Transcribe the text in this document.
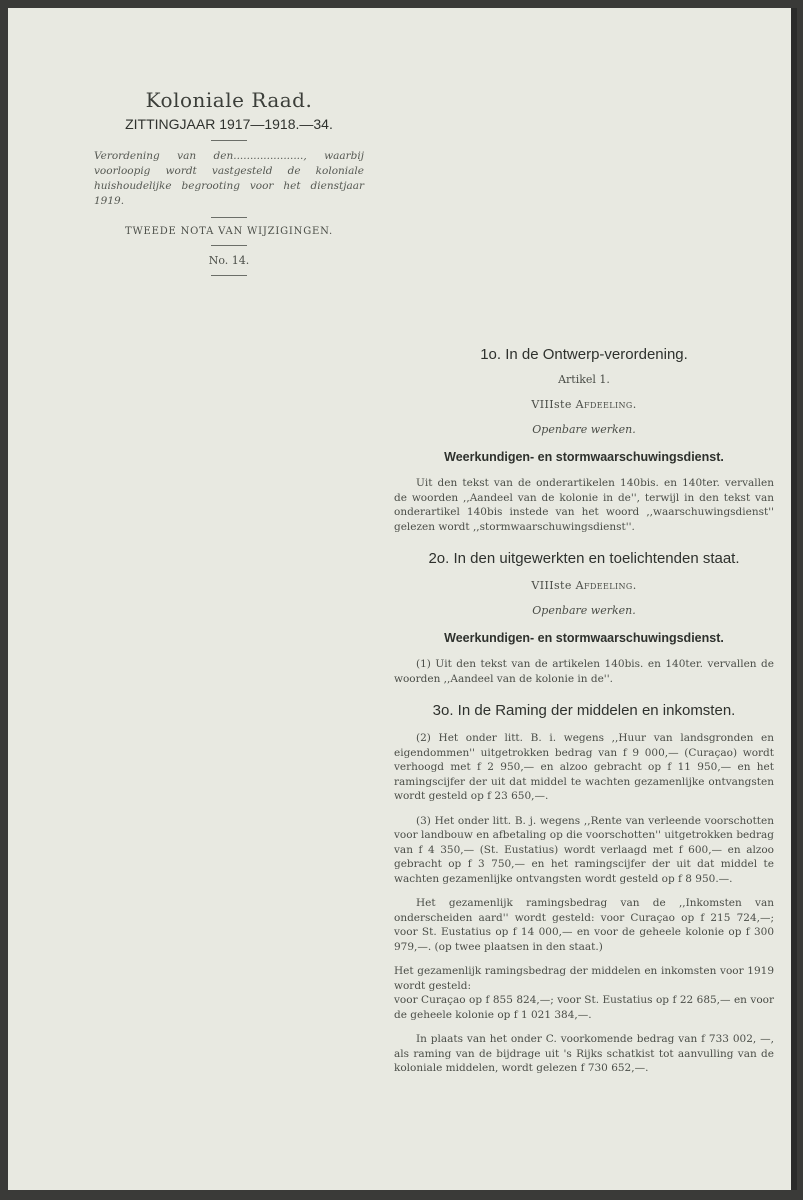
Koloniale Raad.

ZITTINGJAAR 1917—1918.—34.

Verordening van den....................., waarbij voorloopig wordt vastgesteld de koloniale huishoudelijke begrooting voor het dienstjaar 1919.

TWEEDE NOTA VAN WIJZIGINGEN.

No. 14.

1o. In de Ontwerp-verordening.

Artikel 1.

VIIIste Afdeeling.

Openbare werken.

Weerkundigen- en stormwaarschuwingsdienst.

Uit den tekst van de onderartikelen 140bis. en 140ter. vervallen de woorden ,,Aandeel van de kolonie in de'', terwijl in den tekst van onderartikel 140bis instede van het woord ,,waarschuwingsdienst'' gelezen wordt ,,stormwaarschuwingsdienst''.

2o. In den uitgewerkten en toelichtenden staat.

VIIIste Afdeeling.

Openbare werken.

Weerkundigen- en stormwaarschuwingsdienst.

(1) Uit den tekst van de artikelen 140bis. en 140ter. vervallen de woorden ,,Aandeel van de kolonie in de''.

3o. In de Raming der middelen en inkomsten.

(2) Het onder litt. B. i. wegens ,,Huur van landsgronden en eigendommen'' uitgetrokken bedrag van f 9 000,— (Curaçao) wordt verhoogd met f 2 950,— en alzoo gebracht op f 11 950,— en het ramingscijfer der uit dat middel te wachten gezamenlijke ontvangsten wordt gesteld op f 23 650,—.

(3) Het onder litt. B. j. wegens ,,Rente van verleende voorschotten voor landbouw en afbetaling op die voorschotten'' uitgetrokken bedrag van f 4 350,— (St. Eustatius) wordt verlaagd met f 600,— en alzoo gebracht op f 3 750,— en het ramingscijfer der uit dat middel te wachten gezamenlijke ontvangsten wordt gesteld op f 8 950.—.

Het gezamenlijk ramingsbedrag van de ,,Inkomsten van onderscheiden aard'' wordt gesteld: voor Curaçao op f 215 724,—; voor St. Eustatius op f 14 000,— en voor de geheele kolonie op f 300 979,—. (op twee plaatsen in den staat.)

Het gezamenlijk ramingsbedrag der middelen en inkomsten voor 1919 wordt gesteld:

voor Curaçao op f 855 824,—; voor St. Eustatius op f 22 685,— en voor de geheele kolonie op f 1 021 384,—.

In plaats van het onder C. voorkomende bedrag van f 733 002, —, als raming van de bijdrage uit 's Rijks schatkist tot aanvulling van de koloniale middelen, wordt gelezen f 730 652,—.
